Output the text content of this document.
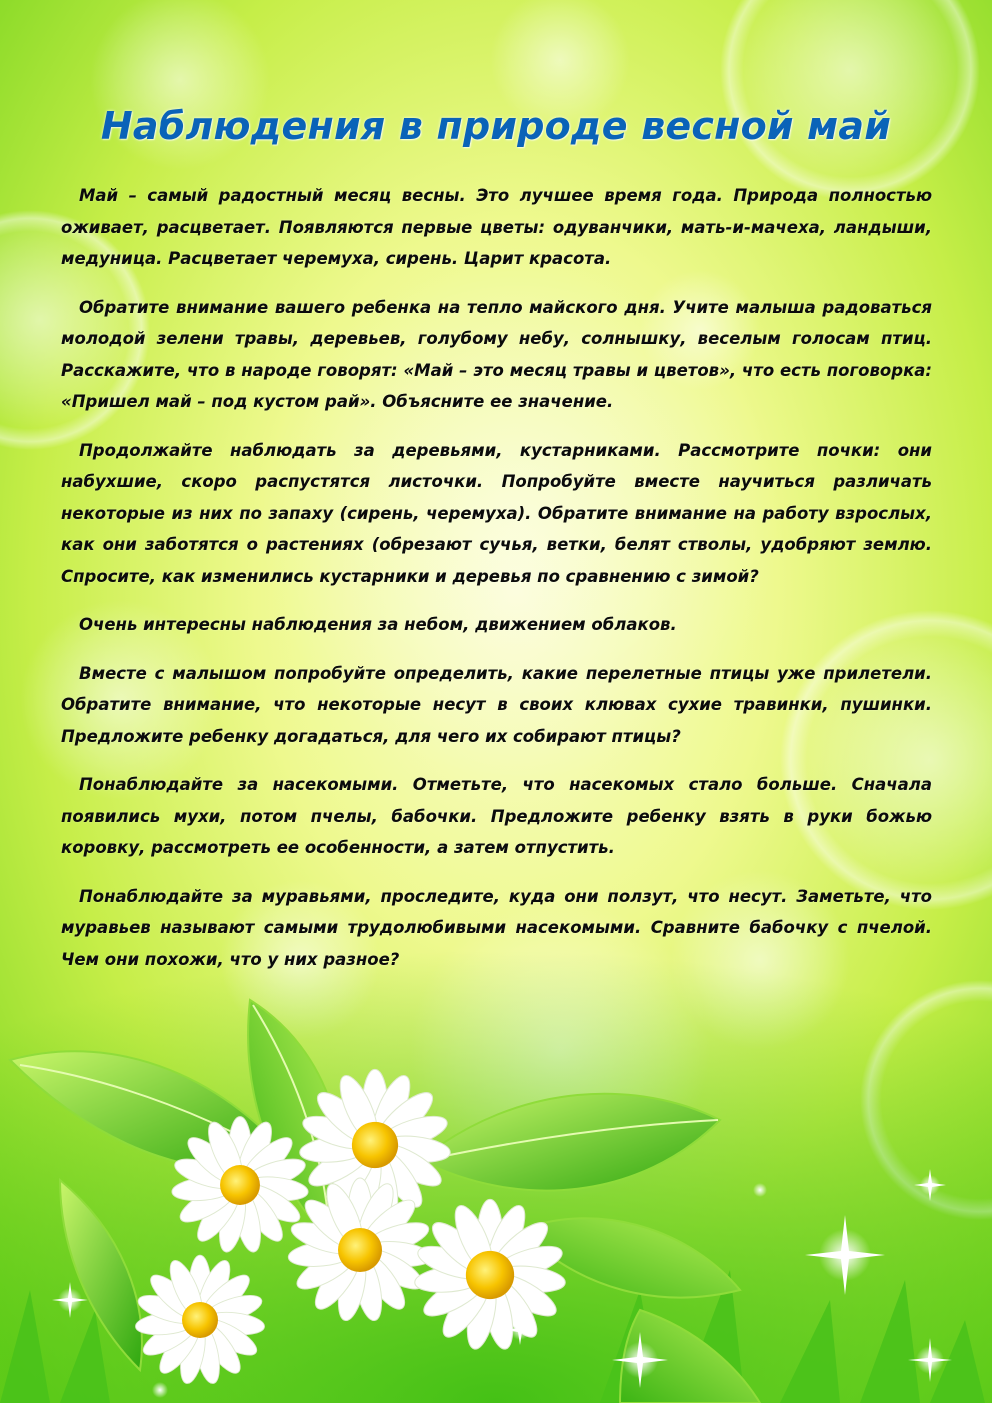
Наблюдения в природе весной май

Май – самый радостный месяц весны. Это лучшее время года. Природа полностью оживает, расцветает. Появляются первые цветы: одуванчики, мать-и-мачеха, ландыши, медуница. Расцветает черемуха, сирень. Царит красота.

Обратите внимание вашего ребенка на тепло майского дня. Учите малыша радоваться молодой зелени травы, деревьев, голубому небу, солнышку, веселым голосам птиц. Расскажите, что в народе говорят: «Май – это месяц травы и цветов», что есть поговорка: «Пришел май – под кустом рай». Объясните ее значение.

Продолжайте наблюдать за деревьями, кустарниками. Рассмотрите почки: они набухшие, скоро распустятся листочки. Попробуйте вместе научиться различать некоторые из них по запаху (сирень, черемуха). Обратите внимание на работу взрослых, как они заботятся о растениях (обрезают сучья, ветки, белят стволы, удобряют землю. Спросите, как изменились кустарники и деревья по сравнению с зимой?

Очень интересны наблюдения за небом, движением облаков.

Вместе с малышом попробуйте определить, какие перелетные птицы уже прилетели. Обратите внимание, что некоторые несут в своих клювах сухие травинки, пушинки. Предложите ребенку догадаться, для чего их собирают птицы?

Понаблюдайте за насекомыми. Отметьте, что насекомых стало больше. Сначала появились мухи, потом пчелы, бабочки. Предложите ребенку взять в руки божью коровку, рассмотреть ее особенности, а затем отпустить.

Понаблюдайте за муравьями, проследите, куда они ползут, что несут. Заметьте, что муравьев называют самыми трудолюбивыми насекомыми. Сравните бабочку с пчелой. Чем они похожи, что у них разное?
